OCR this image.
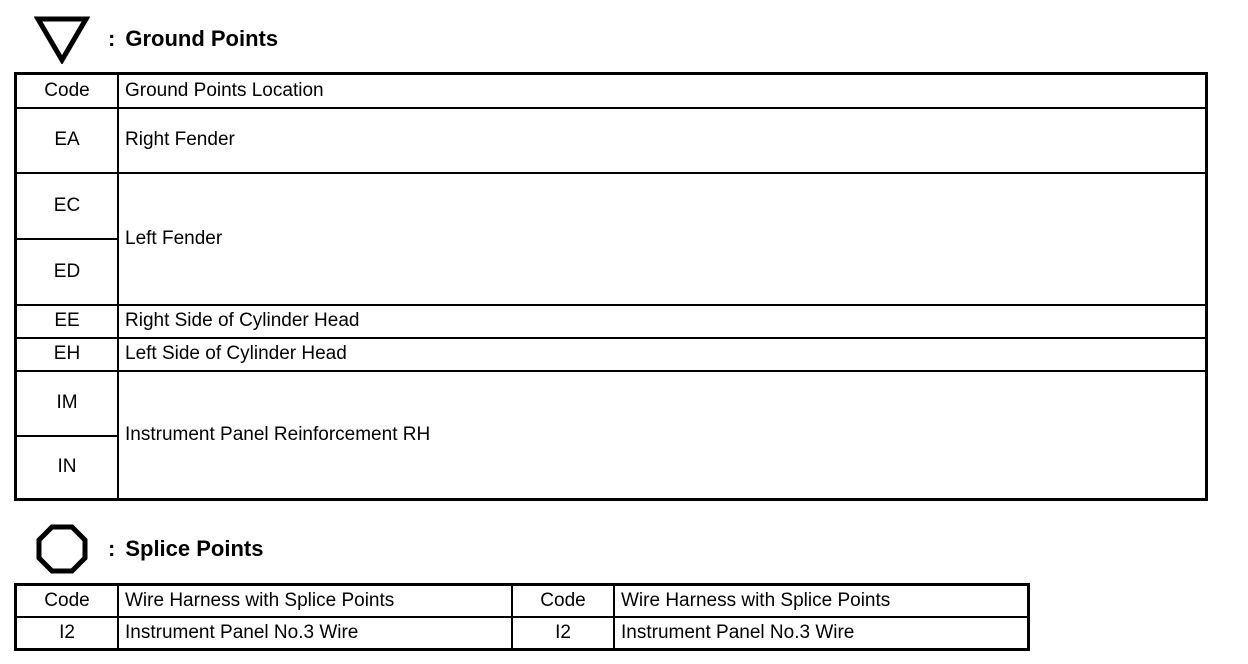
: Ground Points
Code	Ground Points Location
EA	Right Fender
EC	Left Fender
ED	
EE	Right Side of Cylinder Head
EH	Left Side of Cylinder Head
IM	Instrument Panel Reinforcement RH
IN	
: Splice Points
Code	Wire Harness with Splice Points	Code	Wire Harness with Splice Points
I2	Instrument Panel No.3 Wire	I2	Instrument Panel No.3 Wire
